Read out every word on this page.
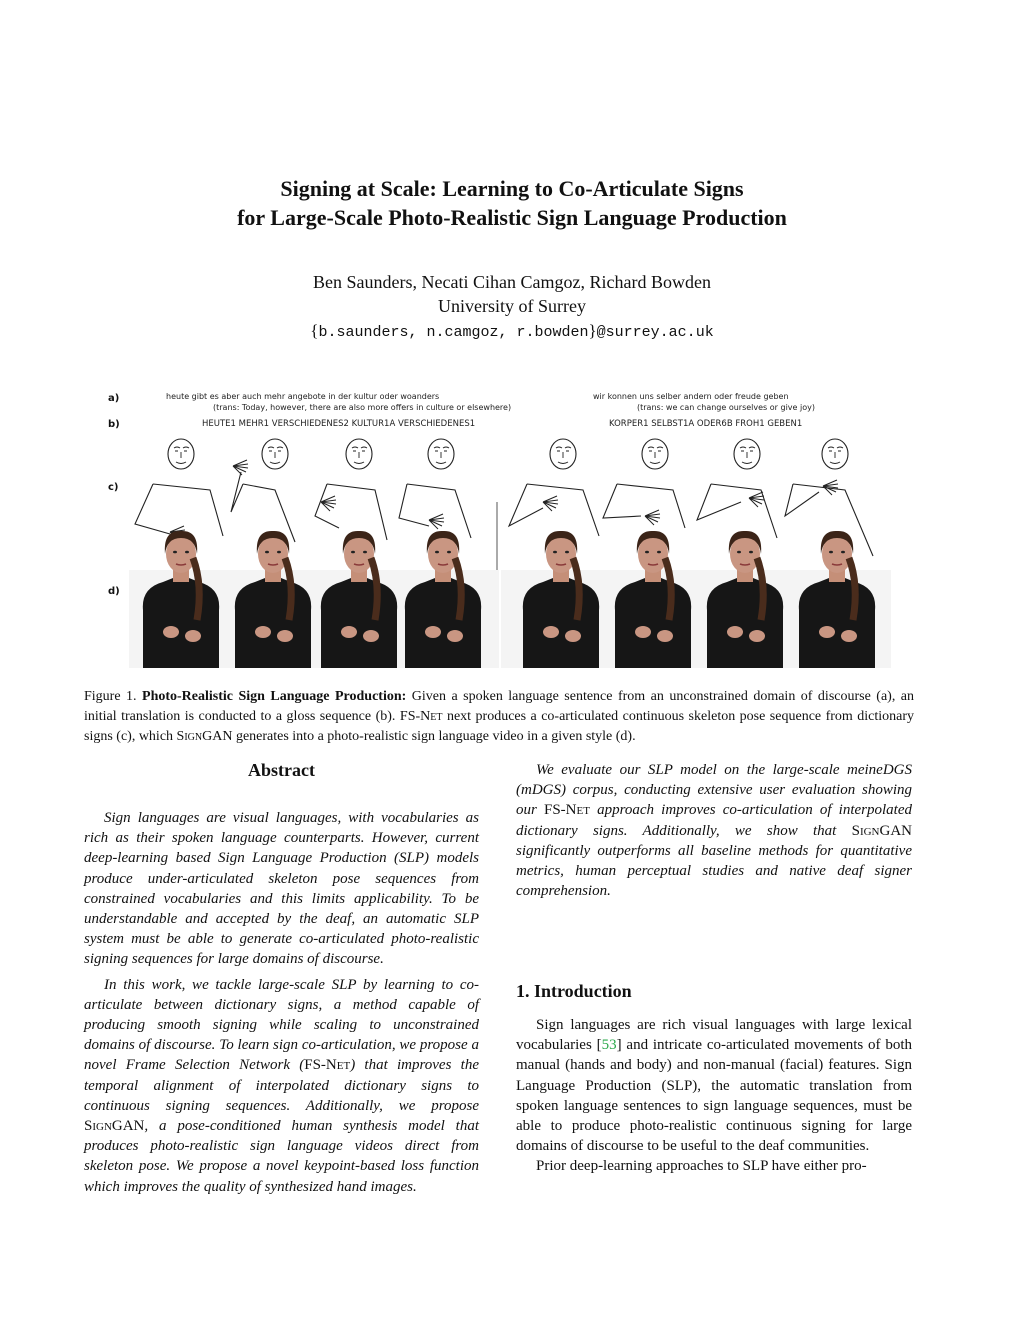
Signing at Scale: Learning to Co-Articulate Signs
for Large-Scale Photo-Realistic Sign Language Production
Ben Saunders, Necati Cihan Camgoz, Richard Bowden
University of Surrey
{b.saunders, n.camgoz, r.bowden}@surrey.ac.uk
a)
b)
c)
d)
heute gibt es aber auch mehr angebote in der kultur oder woanders
(trans: Today, however, there are also more offers in culture or elsewhere)
HEUTE1 MEHR1 VERSCHIEDENES2 KULTUR1A VERSCHIEDENES1
wir konnen uns selber andern oder freude geben
(trans: we can change ourselves or give joy)
KORPER1 SELBST1A ODER6B FROH1 GEBEN1
Figure 1. Photo-Realistic Sign Language Production: Given a spoken language sentence from an unconstrained domain of discourse (a), an initial translation is conducted to a gloss sequence (b). FS-Net next produces a co-articulated continuous skeleton pose sequence from dictionary signs (c), which SignGAN generates into a photo-realistic sign language video in a given style (d).
Abstract

Sign languages are visual languages, with vocabularies as rich as their spoken language counterparts. However, current deep-learning based Sign Language Production (SLP) models produce under-articulated skeleton pose sequences from constrained vocabularies and this limits applicability. To be understandable and accepted by the deaf, an automatic SLP system must be able to generate co-articulated photo-realistic signing sequences for large domains of discourse.

In this work, we tackle large-scale SLP by learning to co-articulate between dictionary signs, a method capable of producing smooth signing while scaling to unconstrained domains of discourse. To learn sign co-articulation, we propose a novel Frame Selection Network (FS-Net) that improves the temporal alignment of interpolated dictionary signs to continuous signing sequences. Additionally, we propose SignGAN, a pose-conditioned human synthesis model that produces photo-realistic sign language videos direct from skeleton pose. We propose a novel keypoint-based loss function which improves the quality of synthesized hand images.

We evaluate our SLP model on the large-scale meineDGS (mDGS) corpus, conducting extensive user evaluation showing our FS-Net approach improves co-articulation of interpolated dictionary signs. Additionally, we show that SignGAN significantly outperforms all baseline methods for quantitative metrics, human perceptual studies and native deaf signer comprehension.

1. Introduction

Sign languages are rich visual languages with large lexical vocabularies [53] and intricate co-articulated movements of both manual (hands and body) and non-manual (facial) features. Sign Language Production (SLP), the automatic translation from spoken language sentences to sign language sequences, must be able to produce photo-realistic continuous signing for large domains of discourse to be useful to the deaf communities.

Prior deep-learning approaches to SLP have either pro-
